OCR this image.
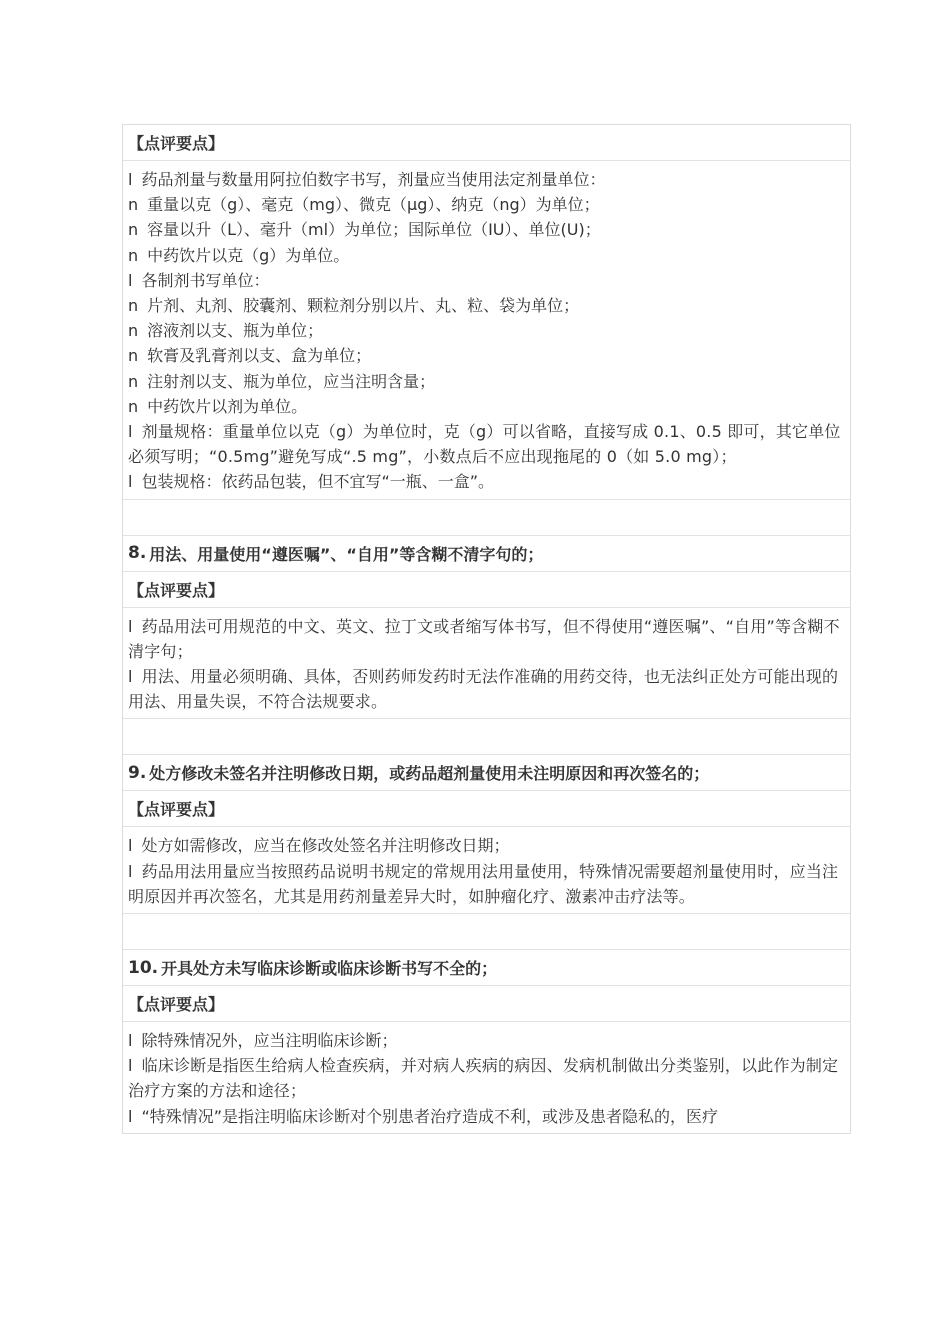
【点评要点】
l 药品剂量与数量用阿拉伯数字书写，剂量应当使用法定剂量单位：
n 重量以克（g）、毫克（mg）、微克（μg）、纳克（ng）为单位；
n 容量以升（L）、毫升（ml）为单位；国际单位（IU）、单位(U)；
n 中药饮片以克（g）为单位。
l 各制剂书写单位：
n 片剂、丸剂、胶囊剂、颗粒剂分别以片、丸、粒、袋为单位；
n 溶液剂以支、瓶为单位；
n 软膏及乳膏剂以支、盒为单位；
n 注射剂以支、瓶为单位，应当注明含量；
n 中药饮片以剂为单位。
l 剂量规格：重量单位以克（g）为单位时，克（g）可以省略，直接写成 0.1、0.5 即可，其它单位必须写明；“0.5mg”避免写成“.5 mg”，小数点后不应出现拖尾的 0（如 5.0 mg）；
l 包装规格：依药品包装，但不宜写“一瓶、一盒”。
8. 用法、用量使用“遵医嘱”、“自用”等含糊不清字句的；
【点评要点】
l 药品用法可用规范的中文、英文、拉丁文或者缩写体书写，但不得使用“遵医嘱”、“自用”等含糊不清字句；
l 用法、用量必须明确、具体，否则药师发药时无法作准确的用药交待，也无法纠正处方可能出现的用法、用量失误，不符合法规要求。
9. 处方修改未签名并注明修改日期，或药品超剂量使用未注明原因和再次签名的；
【点评要点】
l 处方如需修改，应当在修改处签名并注明修改日期；
l 药品用法用量应当按照药品说明书规定的常规用法用量使用，特殊情况需要超剂量使用时，应当注明原因并再次签名，尤其是用药剂量差异大时，如肿瘤化疗、激素冲击疗法等。
10. 开具处方未写临床诊断或临床诊断书写不全的；
【点评要点】
l 除特殊情况外，应当注明临床诊断；
l 临床诊断是指医生给病人检查疾病，并对病人疾病的病因、发病机制做出分类鉴别，以此作为制定治疗方案的方法和途径；
l “特殊情况”是指注明临床诊断对个别患者治疗造成不利，或涉及患者隐私的，医疗
